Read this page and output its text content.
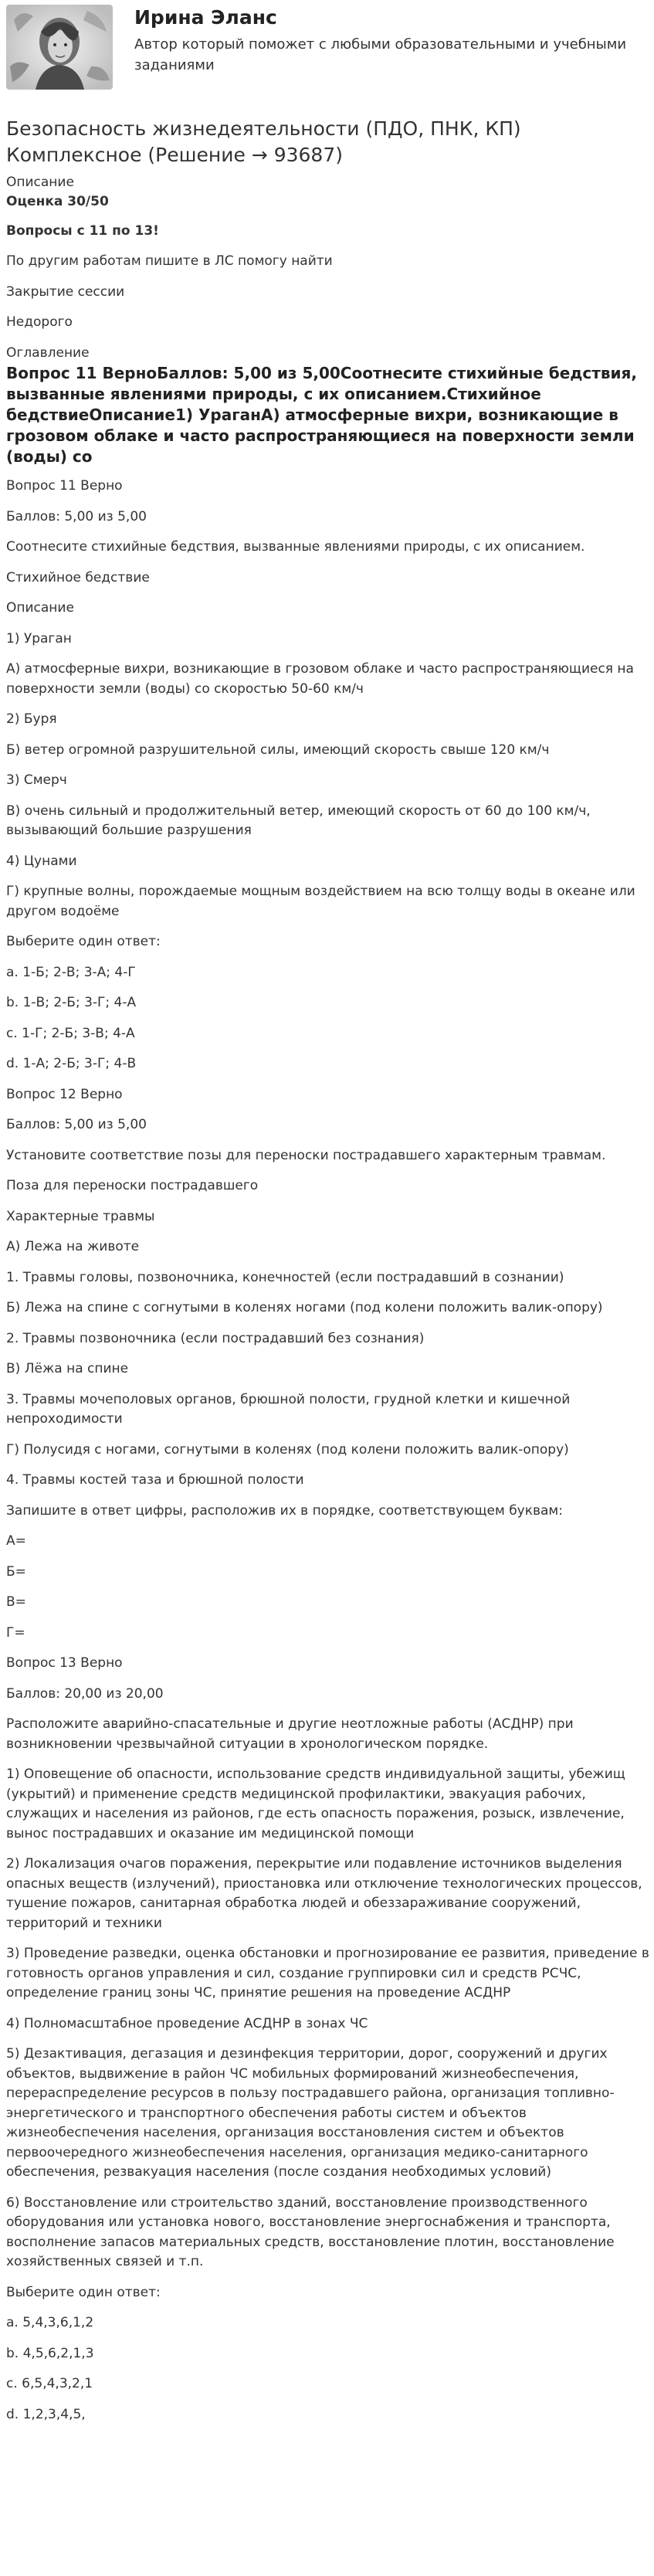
Ирина Эланс
Автор который поможет с любыми образовательными и учебными заданиями
Безопасность жизнедеятельности (ПДО, ПНК, КП) Комплексное (Решение → 93687)
Описание
Оценка 30/50

Вопросы с 11 по 13!

По другим работам пишите в ЛС помогу найти

Закрытие сессии

Недорого

Оглавление
Вопрос 11 ВерноБаллов: 5,00 из 5,00Соотнесите стихийные бедствия, вызванные явлениями природы, с их описанием.Стихийное бедствиеОписание1) УраганА) атмосферные вихри, возникающие в грозовом облаке и часто распространяющиеся на поверхности земли (воды) со

Вопрос 11 Верно

Баллов: 5,00 из 5,00

Соотнесите стихийные бедствия, вызванные явлениями природы, с их описанием.

Стихийное бедствие

Описание

1) Ураган

А) атмосферные вихри, возникающие в грозовом облаке и часто распространяющиеся на поверхности земли (воды) со скоростью 50-60 км/ч

2) Буря

Б) ветер огромной разрушительной силы, имеющий скорость свыше 120 км/ч

3) Смерч

В) очень сильный и продолжительный ветер, имеющий скорость от 60 до 100 км/ч, вызывающий большие разрушения

4) Цунами

Г) крупные волны, порождаемые мощным воздействием на всю толщу воды в океане или другом водоёме

Выберите один ответ:

a. 1-Б; 2-В; 3-А; 4-Г

b. 1-В; 2-Б; 3-Г; 4-А

c. 1-Г; 2-Б; 3-В; 4-А

d. 1-А; 2-Б; 3-Г; 4-В

Вопрос 12 Верно

Баллов: 5,00 из 5,00

Установите соответствие позы для переноски пострадавшего характерным травмам.

Поза для переноски пострадавшего

Характерные травмы

А) Лежа на животе

1. Травмы головы, позвоночника, конечностей (если пострадавший в сознании)

Б) Лежа на спине с согнутыми в коленях ногами (под колени положить валик-опору)

2. Травмы позвоночника (если пострадавший без сознания)

В) Лёжа на спине

3. Травмы мочеполовых органов, брюшной полости, грудной клетки и кишечной непроходимости

Г) Полусидя с ногами, согнутыми в коленях (под колени положить валик-опору)

4. Травмы костей таза и брюшной полости

Запишите в ответ цифры, расположив их в порядке, соответствующем буквам:

А=

Б=

В=

Г=

Вопрос 13 Верно

Баллов: 20,00 из 20,00

Расположите аварийно-спасательные и другие неотложные работы (АСДНР) при возникновении чрезвычайной ситуации в хронологическом порядке.

1) Оповещение об опасности, использование средств индивидуальной защиты, убежищ (укрытий) и применение средств медицинской профилактики, эвакуация рабочих, служащих и населения из районов, где есть опасность поражения, розыск, извлечение, вынос пострадавших и оказание им медицинской помощи

2) Локализация очагов поражения, перекрытие или подавление источников выделения опасных веществ (излучений), приостановка или отключение технологических процессов, тушение пожаров, санитарная обработка людей и обеззараживание сооружений, территорий и техники

3) Проведение разведки, оценка обстановки и прогнозирование ее развития, приведение в готовность органов управления и сил, создание группировки сил и средств РСЧС, определение границ зоны ЧС, принятие решения на проведение АСДНР

4) Полномасштабное проведение АСДНР в зонах ЧС

5) Дезактивация, дегазация и дезинфекция территории, дорог, сооружений и других объектов, выдвижение в район ЧС мобильных формирований жизнеобеспечения, перераспределение ресурсов в пользу пострадавшего района, организация топливно-энергетического и транспортного обеспечения работы систем и объектов жизнеобеспечения населения, организация восстановления систем и объектов первоочередного жизнеобеспечения населения, организация медико-санитарного обеспечения, резвакуация населения (после создания необходимых условий)

6) Восстановление или строительство зданий, восстановление производственного оборудования или установка нового, восстановление энергоснабжения и транспорта, восполнение запасов материальных средств, восстановление плотин, восстановление хозяйственных связей и т.п.

Выберите один ответ:

a. 5,4,3,6,1,2

b. 4,5,6,2,1,3

c. 6,5,4,3,2,1

d. 1,2,3,4,5,
